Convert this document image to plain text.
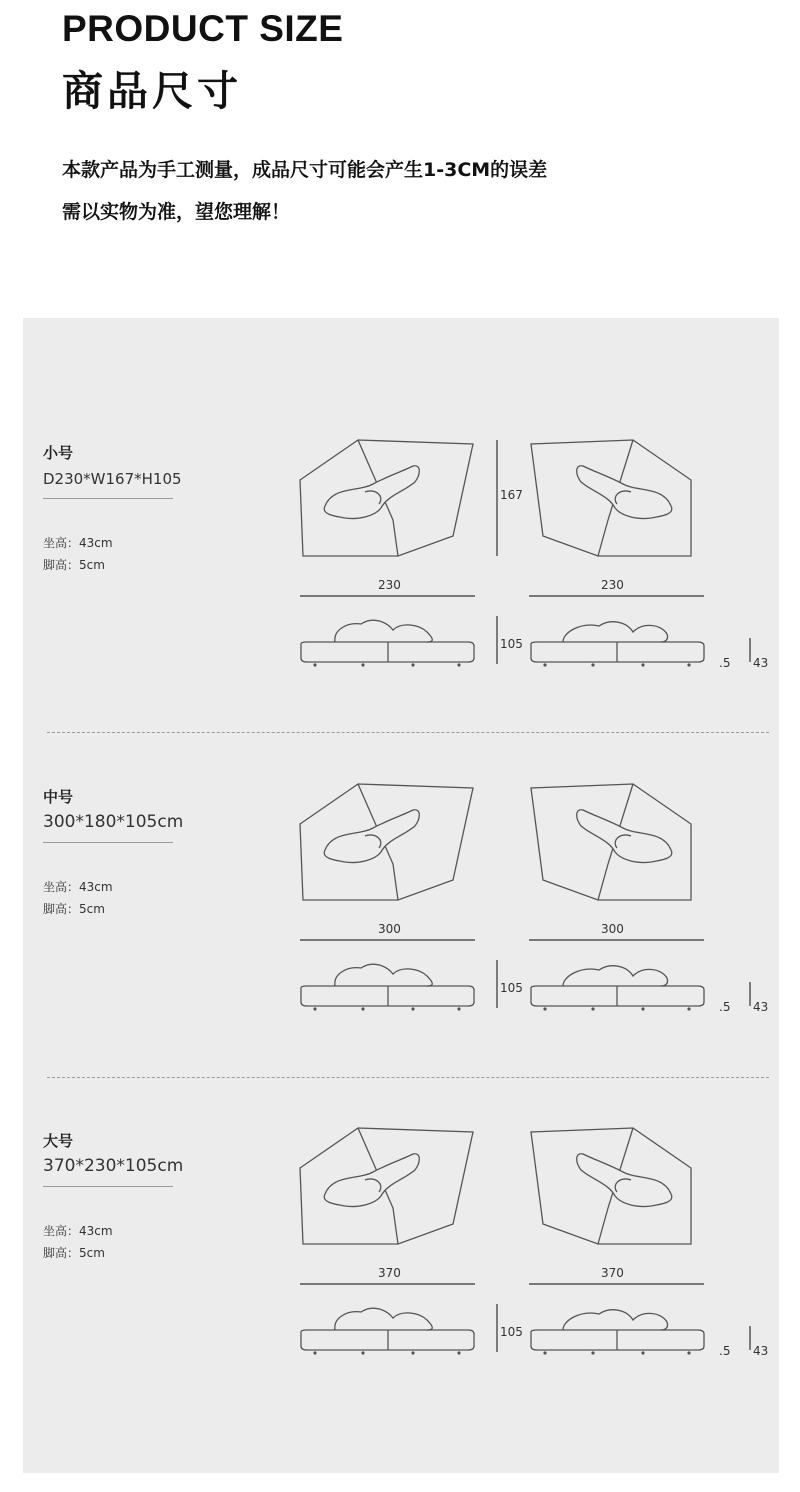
PRODUCT SIZE
商品尺寸

本款产品为手工测量，成品尺寸可能会产生1-3CM的误差

需以实物为准，望您理解！

小号
D230*W167*H105
坐高：43cm
脚高：5cm
167
230	230
105
.5 43
中号
300*180*105cm
坐高：43cm
脚高：5cm
300	300
105
.5 43
大号
370*230*105cm
坐高：43cm
脚高：5cm
370	370
105
.5 43
